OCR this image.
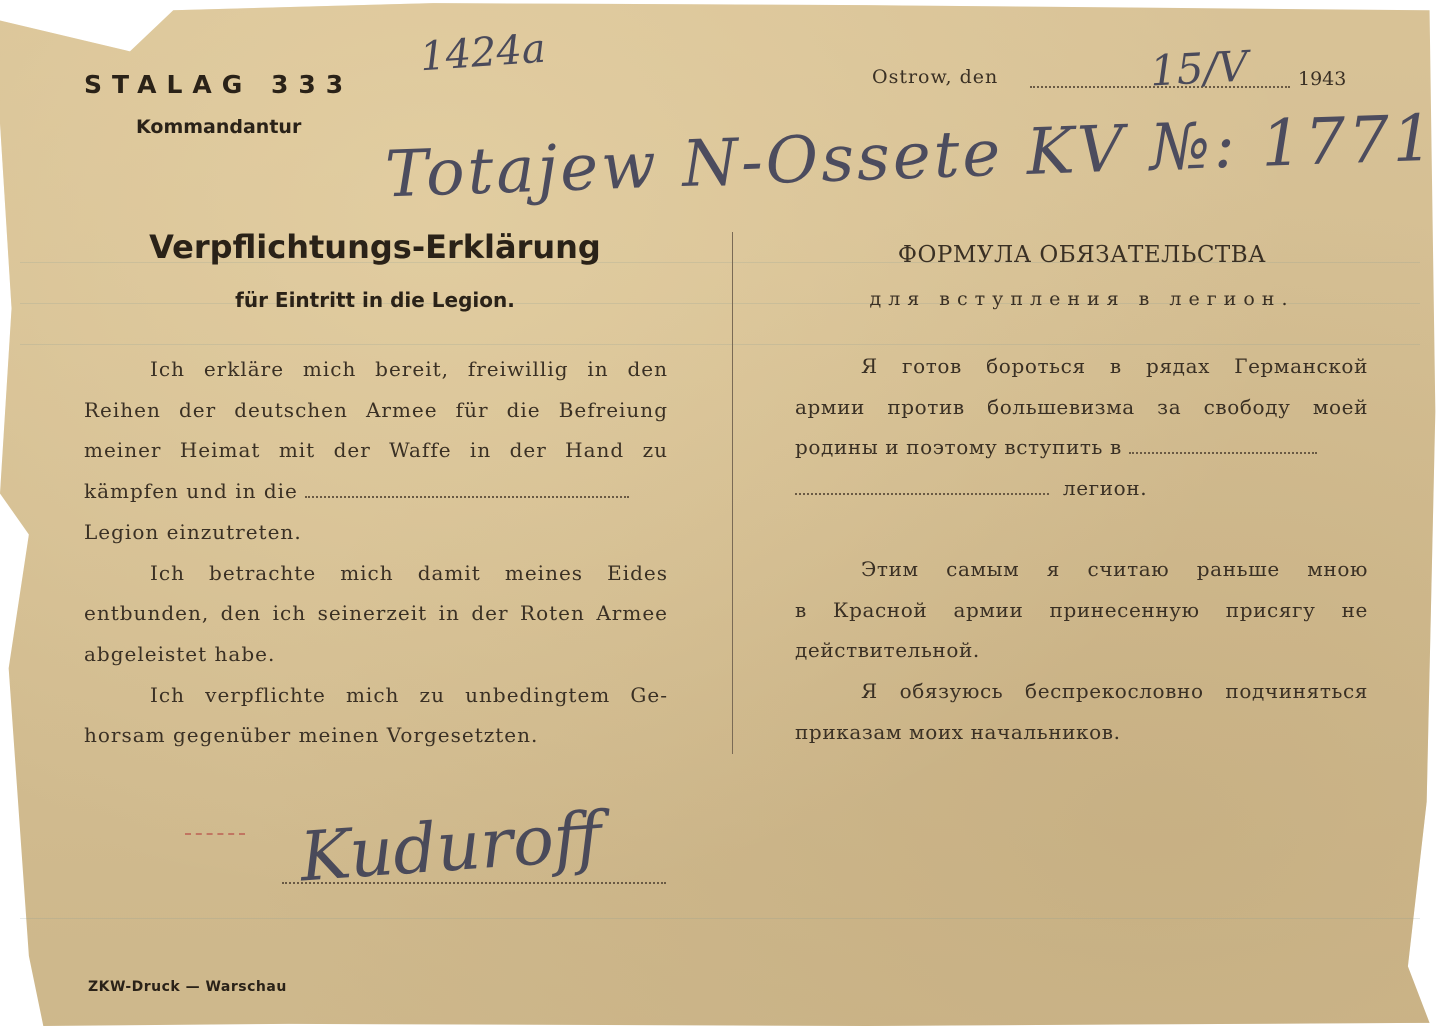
STALAG 333
Kommandantur
1424a	Ostrow, den	15/V	1943
Totajew N-Ossete KV №: 1771
Verpflichtungs-Erklärung
für Eintritt in die Legion.
ФОРМУЛА ОБЯЗАТЕЛЬСТВА
для вступления в легион.

Ich erkläre mich bereit, freiwillig in den

Reihen der deutschen Armee für die Befreiung

meiner Heimat mit der Waffe in der Hand zu

kämpfen und in die

Legion einzutreten.

Ich betrachte mich damit meines Eides

entbunden, den ich seinerzeit in der Roten Armee

abgeleistet habe.

Ich verpflichte mich zu unbedingtem Ge-

horsam gegenüber meinen Vorgesetzten.

Я готов бороться в рядах Германской

армии против большевизма за свободу моей

родины и поэтому вступить в

легион.

Этим самым я считаю раньше мною

в Красной армии принесенную присягу не

действительной.

Я обязуюсь беспрекословно подчиняться

приказам моих начальников.

Kuduroff
ZKW-Druck — Warschau
